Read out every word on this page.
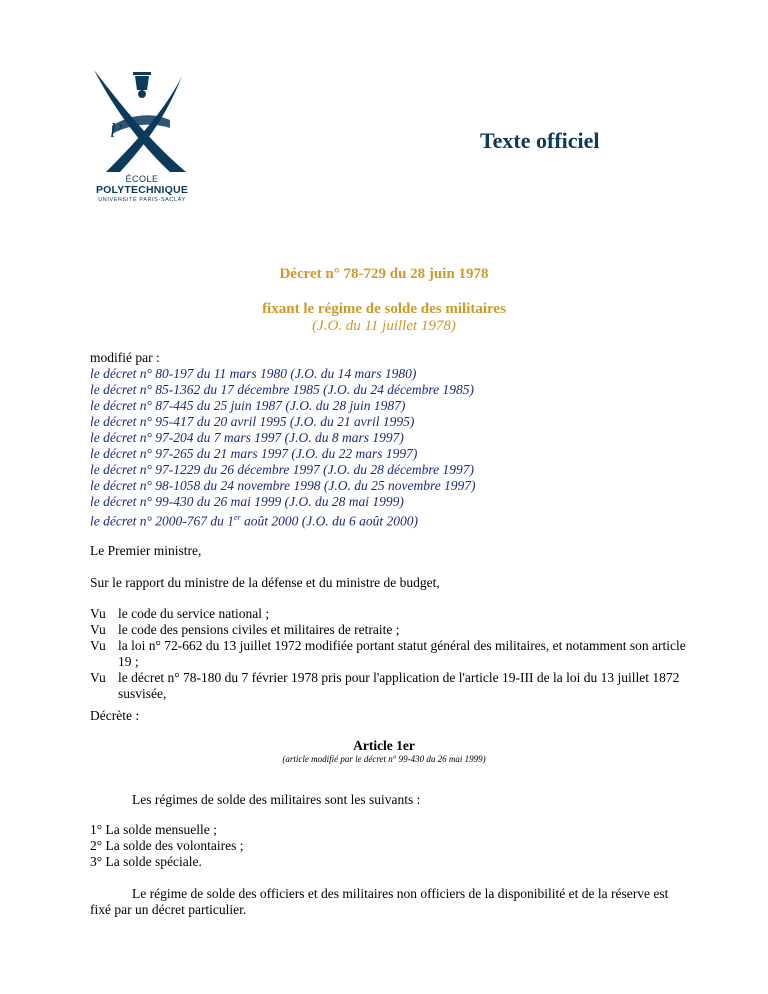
l’
ÉCOLE
POLYTECHNIQUE
UNIVERSITÉ PARIS-SACLAY
Texte officiel
Décret n° 78-729 du 28 juin 1978
fixant le régime de solde des militaires
(J.O. du 11 juillet 1978)
modifié par :
le décret n° 80-197 du 11 mars 1980 (J.O. du 14 mars 1980)
le décret n° 85-1362 du 17 décembre 1985 (J.O. du 24 décembre 1985)
le décret n° 87-445 du 25 juin 1987 (J.O. du 28 juin 1987)
le décret n° 95-417 du 20 avril 1995 (J.O. du 21 avril 1995)
le décret n° 97-204 du 7 mars 1997 (J.O. du 8 mars 1997)
le décret n° 97-265 du 21 mars 1997 (J.O. du 22 mars 1997)
le décret n° 97-1229 du 26 décembre 1997 (J.O. du 28 décembre 1997)
le décret n° 98-1058 du 24 novembre 1998 (J.O. du 25 novembre 1997)
le décret n° 99-430 du 26 mai 1999 (J.O. du 28 mai 1999)
le décret n° 2000-767 du 1er août 2000 (J.O. du 6 août 2000)
Le Premier ministre,
Sur le rapport du ministre de la défense et du ministre de budget,
Vu le code du service national ;
Vu le code des pensions civiles et militaires de retraite ;
Vu la loi n° 72-662 du 13 juillet 1972 modifiée portant statut général des militaires, et notamment son article 19 ;
Vu le décret n° 78-180 du 7 février 1978 pris pour l'application de l'article 19-III de la loi du 13 juillet 1872 susvisée,
Décrète :
Article 1er
(article modifié par le décret n° 99-430 du 26 mai 1999)
Les régimes de solde des militaires sont les suivants :
1° La solde mensuelle ;
2° La solde des volontaires ;
3° La solde spéciale.
Le régime de solde des officiers et des militaires non officiers de la disponibilité et de la réserve est fixé par un décret particulier.
